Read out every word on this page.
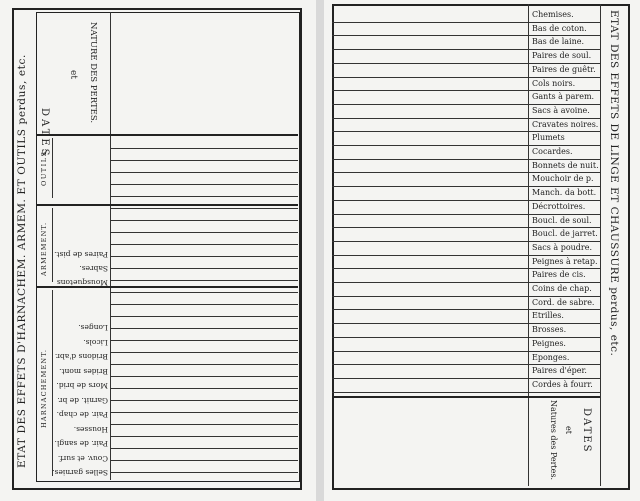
ETAT DES EFFETS D'HARNACHEM. ARMEM. ET OUTILS perdus, etc. DATES
et NATURE DES PERTES.
OUTILS.
ARMEMENT.
HARNACHEMENT.
Mousquetons
Sabres.
Paires de pist.
Selles garnies.
Couv. et surf.
Pair. de sangl.
Housses.
Pair. de chap.
Garnit. de br.
Mors de brid.
Brides mont.
Bridons d'abr.
Licols.
Longes.
Chemises.
Bas de coton.
Bas de laine.
Paires de soul.
Paires de guêtr.
Cols noirs.
Gants à parem.
Sacs à avoine.
Cravates noires.
Plumets
Cocardes.
Bonnets de nuit.
Mouchoir de p.
Manch. da bott.
Décrottoires.
Boucl. de soul.
Boucl. de jarret.
Sacs à poudre.
Peignes à retap.
Paires de cis.
Coins de chap.
Cord. de sabre.
Etrilles.
Brosses.
Peignes.
Eponges.
Paires d'éper.
Cordes à fourr.
ETAT DES EFFETS DE LINGE ET CHAUSSURE perdus, etc.
Natures des Pertes. et DATES
